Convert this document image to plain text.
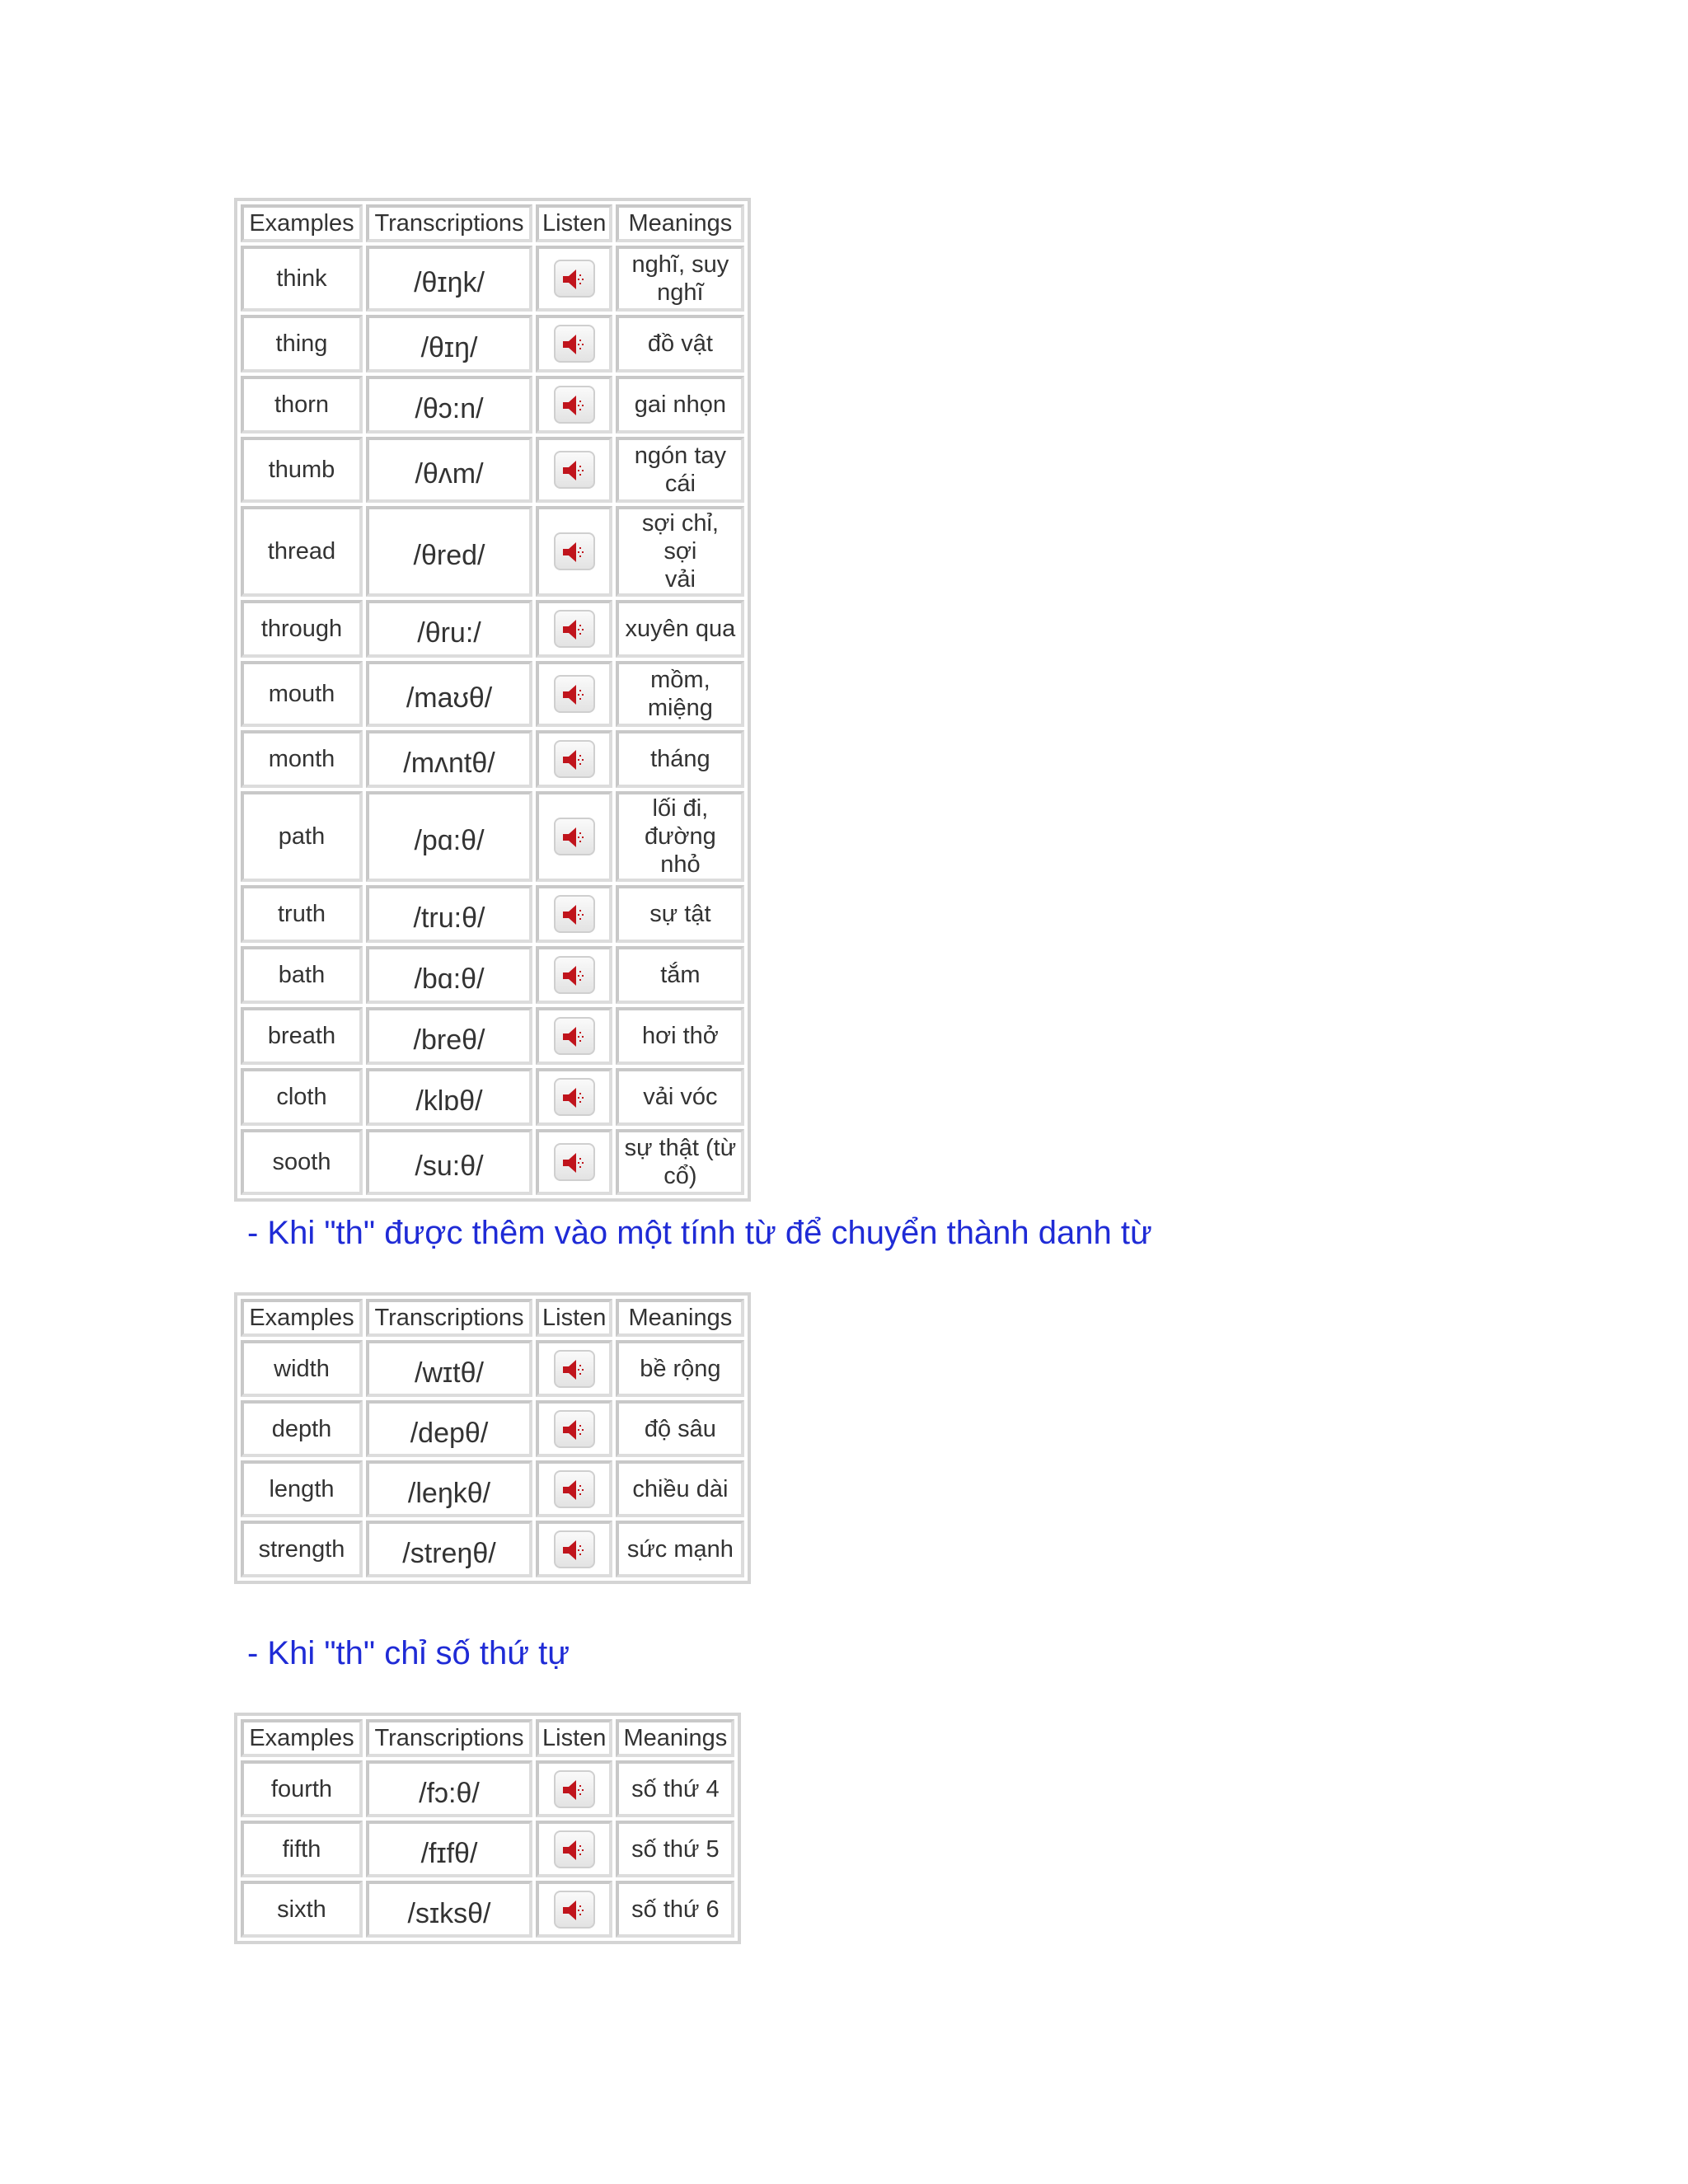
Examples	Transcriptions	Listen	Meanings
think	/θɪŋk/		nghĩ, suy
nghĩ
thing	/θɪŋ/		đồ vật
thorn	/θɔ:n/		gai nhọn
thumb	/θʌm/		ngón tay
cái
thread	/θred/		sợi chỉ, sợi
vải
through	/θru:/		xuyên qua
mouth	/maʊθ/		mồm,
miệng
month	/mʌntθ/		tháng
path	/pɑ:θ/		lối đi,
đường nhỏ
truth	/tru:θ/		sự tật
bath	/bɑ:θ/		tắm
breath	/breθ/		hơi thở
cloth	/klɒθ/		vải vóc
sooth	/su:θ/		sự thật (từ
cổ)
- Khi "th" được thêm vào một tính từ để chuyển thành danh từ
Examples	Transcriptions	Listen	Meanings
width	/wɪtθ/		bề rộng
depth	/depθ/		độ sâu
length	/leŋkθ/		chiều dài
strength	/streŋθ/		sức mạnh
- Khi "th" chỉ số thứ tự
Examples	Transcriptions	Listen	Meanings
fourth	/fɔ:θ/		số thứ 4
fifth	/fɪfθ/		số thứ 5
sixth	/sɪksθ/		số thứ 6
